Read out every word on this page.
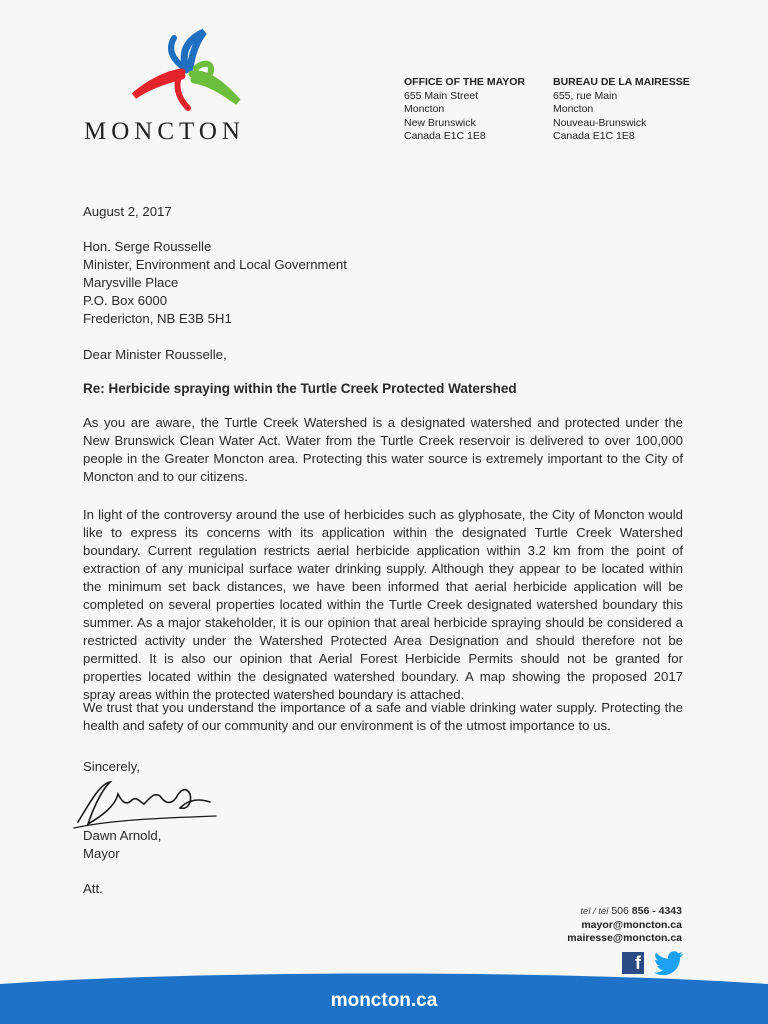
MONCTON
OFFICE OF THE MAYOR
655 Main Street
Moncton
New Brunswick
Canada E1C 1E8
BUREAU DE LA MAIRESSE
655, rue Main
Moncton
Nouveau-Brunswick
Canada E1C 1E8
August 2, 2017
Hon. Serge Rousselle
Minister, Environment and Local Government
Marysville Place
P.O. Box 6000
Fredericton, NB E3B 5H1
Dear Minister Rousselle,
Re: Herbicide spraying within the Turtle Creek Protected Watershed
As you are aware, the Turtle Creek Watershed is a designated watershed and protected under the New Brunswick Clean Water Act. Water from the Turtle Creek reservoir is delivered to over 100,000 people in the Greater Moncton area. Protecting this water source is extremely important to the City of Moncton and to our citizens.
In light of the controversy around the use of herbicides such as glyphosate, the City of Moncton would like to express its concerns with its application within the designated Turtle Creek Watershed boundary. Current regulation restricts aerial herbicide application within 3.2 km from the point of extraction of any municipal surface water drinking supply. Although they appear to be located within the minimum set back distances, we have been informed that aerial herbicide application will be completed on several properties located within the Turtle Creek designated watershed boundary this summer. As a major stakeholder, it is our opinion that areal herbicide spraying should be considered a restricted activity under the Watershed Protected Area Designation and should therefore not be permitted. It is also our opinion that Aerial Forest Herbicide Permits should not be granted for properties located within the designated watershed boundary. A map showing the proposed 2017 spray areas within the protected watershed boundary is attached.
We trust that you understand the importance of a safe and viable drinking water supply. Protecting the health and safety of our community and our environment is of the utmost importance to us.
Sincerely,
Dawn Arnold,
Mayor
Att.
tel / tél 506 856 - 4343
mayor@moncton.ca
mairesse@moncton.ca
f
moncton.ca
